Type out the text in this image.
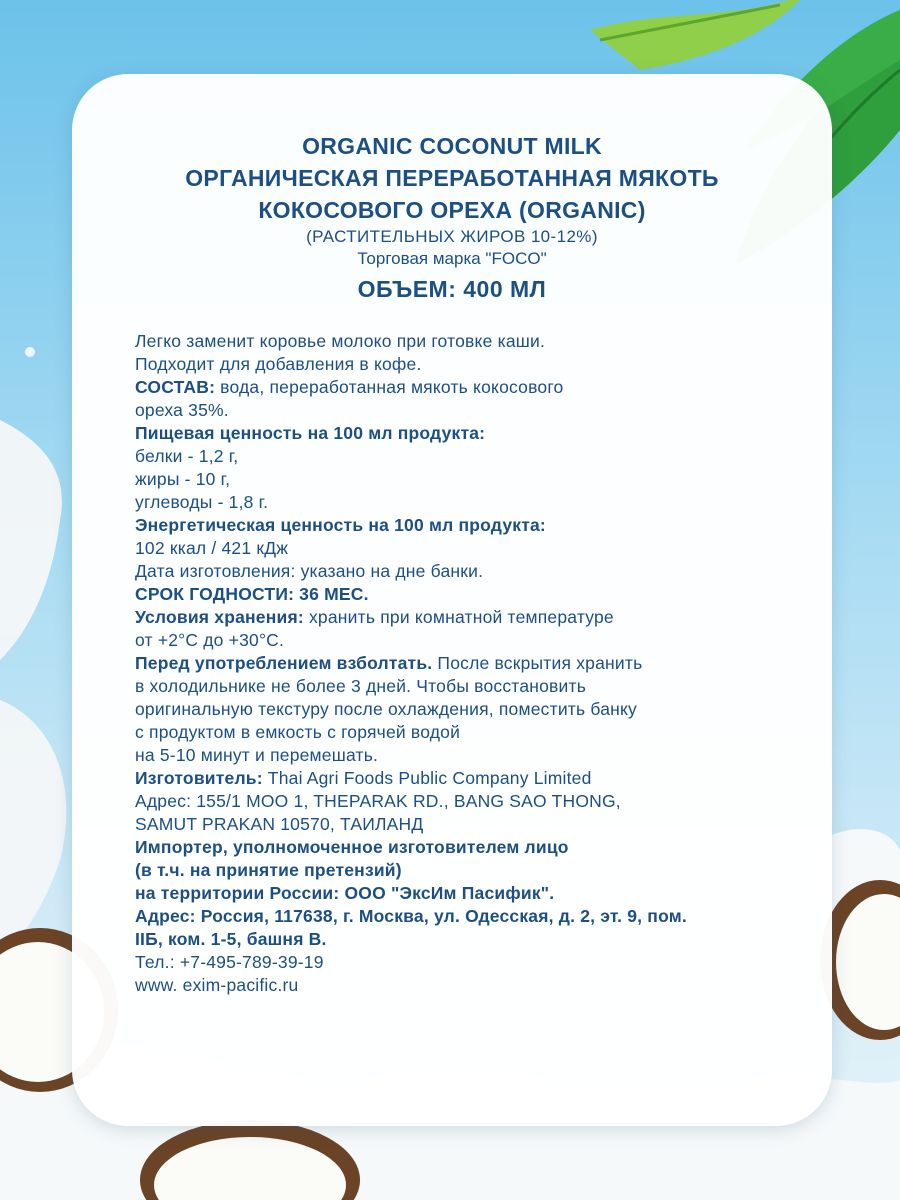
ORGANIC COCONUT MILK
ОРГАНИЧЕСКАЯ ПЕРЕРАБОТАННАЯ МЯКОТЬ
КОКОСОВОГО ОРЕХА (ORGANIC)
(РАСТИТЕЛЬНЫХ ЖИРОВ 10-12%)
Торговая марка "FOCO"
ОБЪЕМ: 400 МЛ
Легко заменит коровье молоко при готовке каши.
Подходит для добавления в кофе.
СОСТАВ: вода, переработанная мякоть кокосового
ореха 35%.
Пищевая ценность на 100 мл продукта:
белки - 1,2 г,
жиры - 10 г,
углеводы - 1,8 г.
Энергетическая ценность на 100 мл продукта:
102 ккал / 421 кДж
Дата изготовления: указано на дне банки.
СРОК ГОДНОСТИ: 36 МЕС.
Условия хранения: хранить при комнатной температуре
от +2°С до +30°С.
Перед употреблением взболтать. После вскрытия хранить
в холодильнике не более 3 дней. Чтобы восстановить
оригинальную текстуру после охлаждения, поместить банку
с продуктом в емкость с горячей водой
на 5-10 минут и перемешать.
Изготовитель: Thai Agri Foods Public Company Limited
Адрес: 155/1 MOO 1, THEPARAK RD., BANG SAO THONG,
SAMUT PRAKAN 10570, ТАИЛАНД
Импортер, уполномоченное изготовителем лицо
(в т.ч. на принятие претензий)
на территории России: ООО "ЭксИм Пасифик".
Адрес: Россия, 117638, г. Москва, ул. Одесская, д. 2, эт. 9, пом.
IIБ, ком. 1-5, башня В.
Тел.: +7-495-789-39-19
www. exim-pacific.ru
